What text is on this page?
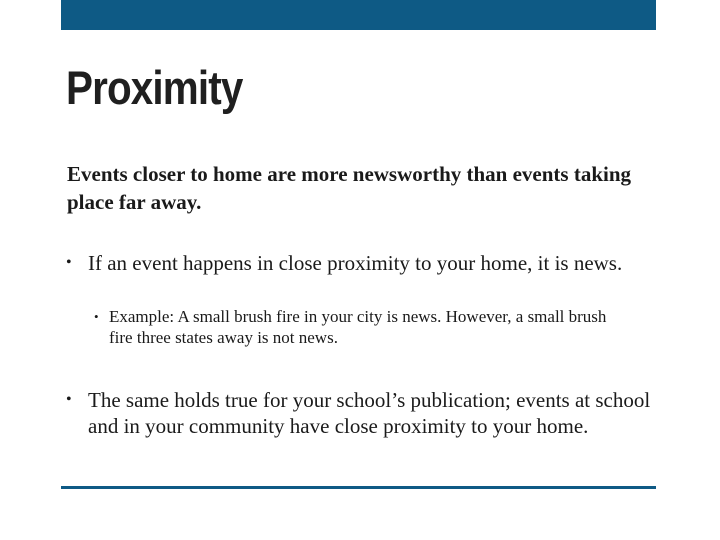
Proximity
Events closer to home are more newsworthy than events taking place far away.
• If an event happens in close proximity to your home, it is news.
• Example: A small brush fire in your city is news. However, a small brush fire three states away is not news.
• The same holds true for your school’s publication; events at school and in your community have close proximity to your home.
